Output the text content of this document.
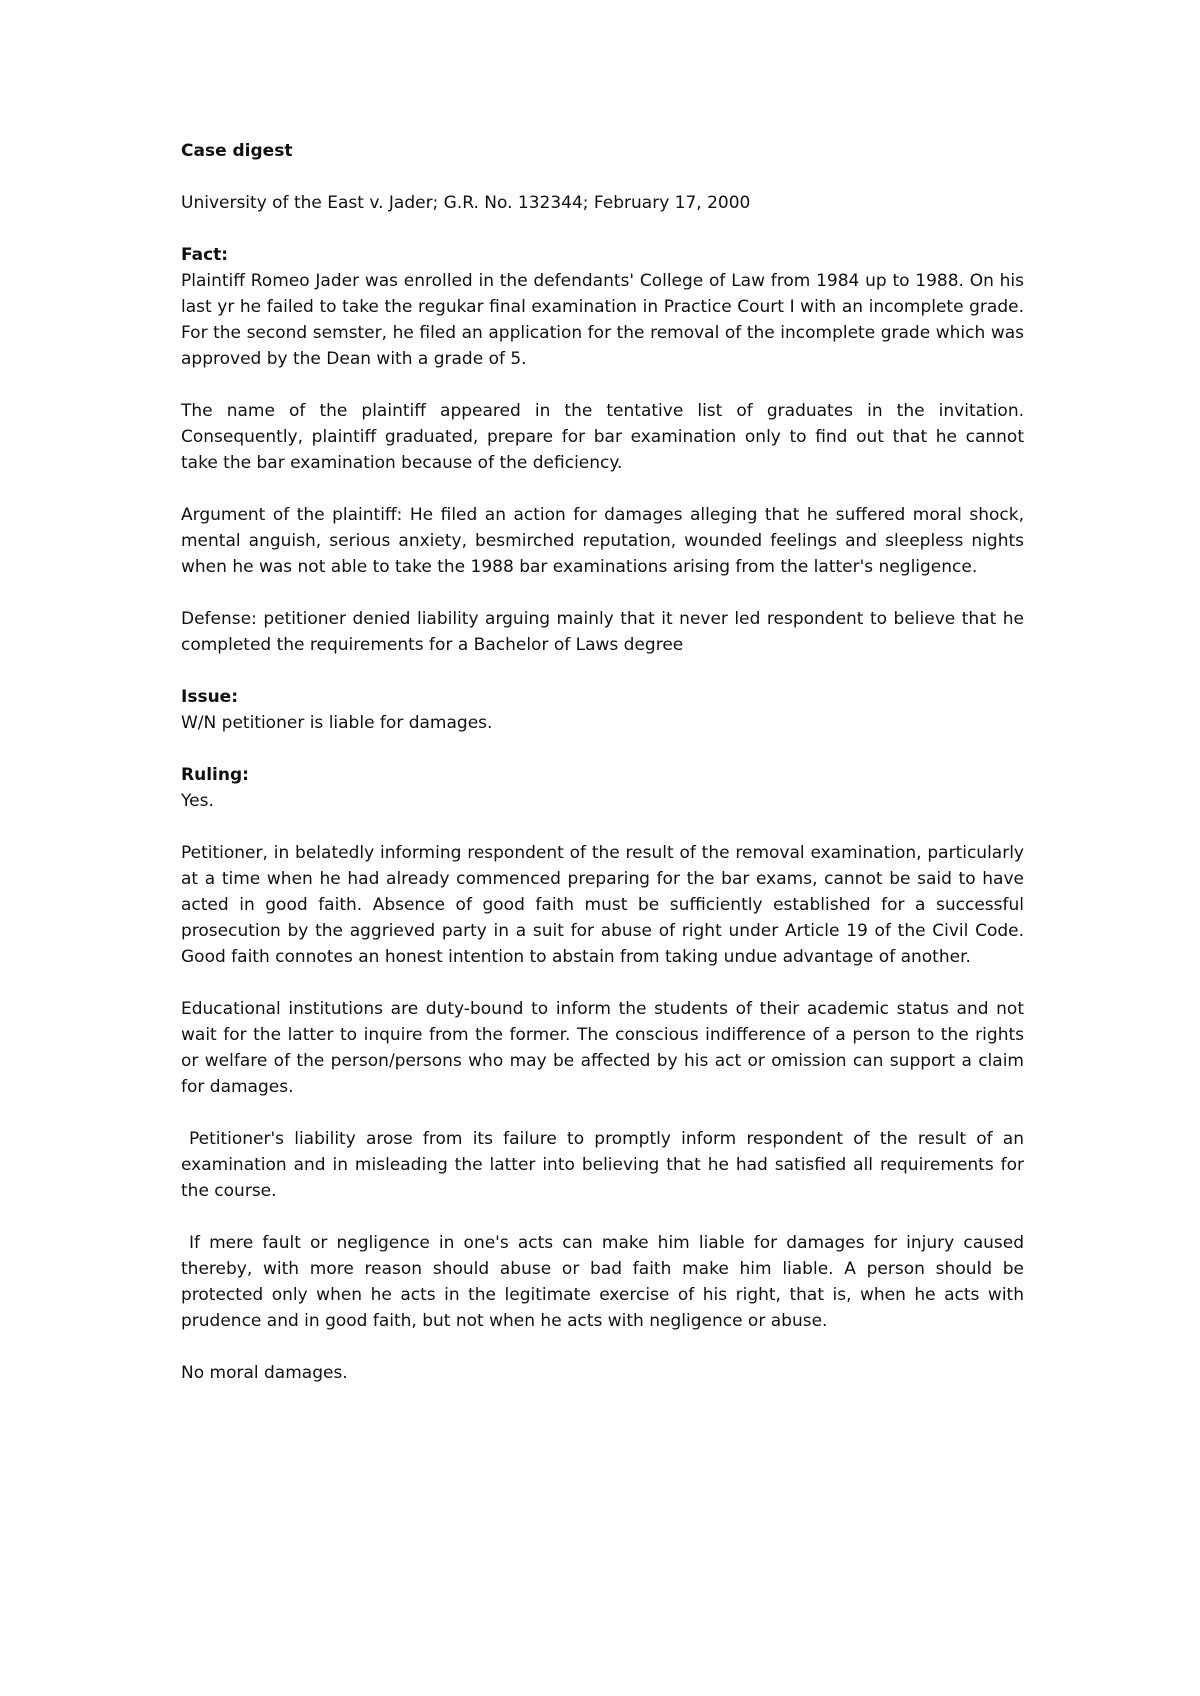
Case digest

University of the East v. Jader; G.R. No. 132344; February 17, 2000

Fact:

Plaintiff Romeo Jader was enrolled in the defendants' College of Law from 1984 up to 1988. On his last yr he failed to take the regukar final examination in Practice Court I with an incomplete grade. For the second semster, he filed an application for the removal of the incomplete grade which was approved by the Dean with a grade of 5.

The name of the plaintiff appeared in the tentative list of graduates in the invitation. Consequently, plaintiff graduated, prepare for bar examination only to find out that he cannot take the bar examination because of the deficiency.

Argument of the plaintiff: He filed an action for damages alleging that he suffered moral shock, mental anguish, serious anxiety, besmirched reputation, wounded feelings and sleepless nights when he was not able to take the 1988 bar examinations arising from the latter's negligence.

Defense: petitioner denied liability arguing mainly that it never led respondent to believe that he completed the requirements for a Bachelor of Laws degree

Issue:

W/N petitioner is liable for damages.

Ruling:

Yes.

Petitioner, in belatedly informing respondent of the result of the removal examination, particularly at a time when he had already commenced preparing for the bar exams, cannot be said to have acted in good faith. Absence of good faith must be sufficiently established for a successful prosecution by the aggrieved party in a suit for abuse of right under Article 19 of the Civil Code. Good faith connotes an honest intention to abstain from taking undue advantage of another.

Educational institutions are duty-bound to inform the students of their academic status and not wait for the latter to inquire from the former. The conscious indifference of a person to the rights or welfare of the person/persons who may be affected by his act or omission can support a claim for damages.

Petitioner's liability arose from its failure to promptly inform respondent of the result of an examination and in misleading the latter into believing that he had satisfied all requirements for the course.

If mere fault or negligence in one's acts can make him liable for damages for injury caused thereby, with more reason should abuse or bad faith make him liable. A person should be protected only when he acts in the legitimate exercise of his right, that is, when he acts with prudence and in good faith, but not when he acts with negligence or abuse.

No moral damages.
